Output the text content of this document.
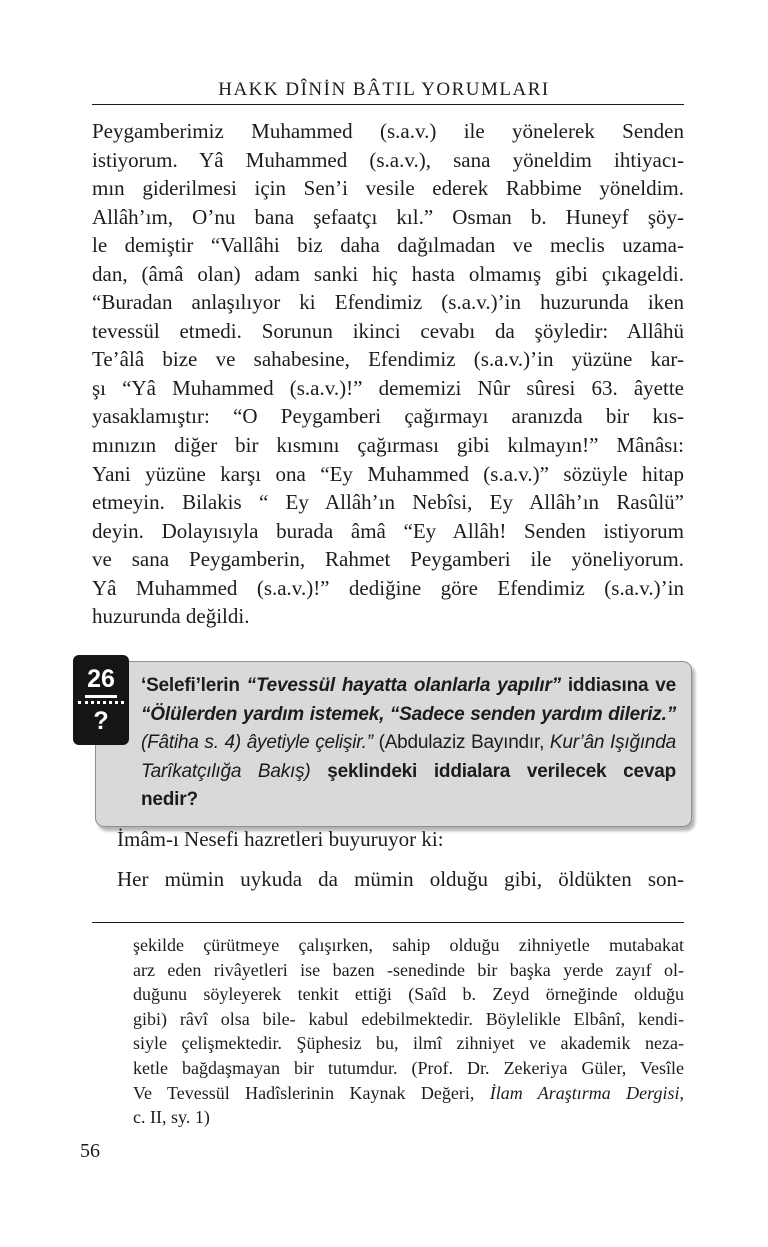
HAKK DÎNİN BÂTIL YORUMLARI
Peygamberimiz Muhammed (s.a.v.) ile yönelerek Senden
istiyorum. Yâ Muhammed (s.a.v.), sana yöneldim ihtiyacı-
mın giderilmesi için Sen’i vesile ederek Rabbime yöneldim.
Allâh’ım, O’nu bana şefaatçı kıl.” Osman b. Huneyf şöy-
le demiştir “Vallâhi biz daha dağılmadan ve meclis uzama-
dan, (âmâ olan) adam sanki hiç hasta olmamış gibi çıkageldi.
“Buradan anlaşılıyor ki Efendimiz (s.a.v.)’in huzurunda iken
tevessül etmedi. Sorunun ikinci cevabı da şöyledir: Allâhü
Te’âlâ bize ve sahabesine, Efendimiz (s.a.v.)’in yüzüne kar-
şı “Yâ Muhammed (s.a.v.)!” dememizi Nûr sûresi 63. âyette
yasaklamıştır: “O Peygamberi çağırmayı aranızda bir kıs-
mınızın diğer bir kısmını çağırması gibi kılmayın!” Mânâsı:
Yani yüzüne karşı ona “Ey Muhammed (s.a.v.)” sözüyle hitap
etmeyin. Bilakis “ Ey Allâh’ın Nebîsi, Ey Allâh’ın Rasûlü”
deyin. Dolayısıyla burada âmâ “Ey Allâh! Senden istiyorum
ve sana Peygamberin, Rahmet Peygamberi ile yöneliyorum.
Yâ Muhammed (s.a.v.)!” dediğine göre Efendimiz (s.a.v.)’in
huzurunda değildi.
26
?
‘Selefi’lerin “Tevessül hayatta olanlarla yapılır” iddiasına ve “Ölülerden yardım istemek, “Sadece senden yardım dileriz.” (Fâtiha s. 4) âyetiyle çelişir.” (Abdulaziz Bayındır, Kur’ân Işığında Tarîkatçılığa Bakış) şeklindeki iddialara verilecek cevap nedir?
İmâm-ı Nesefi hazretleri buyuruyor ki:
Her mümin uykuda da mümin olduğu gibi, öldükten son-
şekilde çürütmeye çalışırken, sahip olduğu zihniyetle mutabakat
arz eden rivâyetleri ise bazen -senedinde bir başka yerde zayıf ol-
duğunu söyleyerek tenkit ettiği (Saîd b. Zeyd örneğinde olduğu
gibi) râvî olsa bile- kabul edebilmektedir. Böylelikle Elbânî, kendi-
siyle çelişmektedir. Şüphesiz bu, ilmî zihniyet ve akademik neza-
ketle bağdaşmayan bir tutumdur. (Prof. Dr. Zekeriya Güler, Vesîle
Ve Tevessül Hadîslerinin Kaynak Değeri, İlam Araştırma Dergisi,
c. II, sy. 1)
56
